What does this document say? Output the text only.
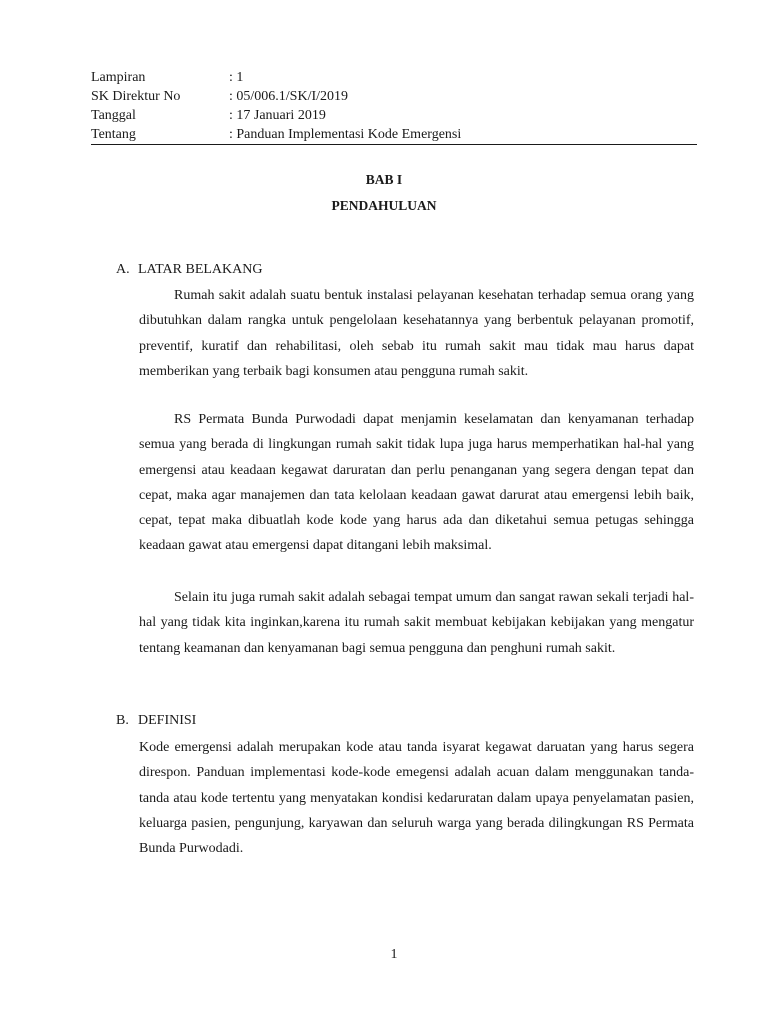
Lampiran	: 1
SK Direktur No	: 05/006.1/SK/I/2019
Tanggal	: 17 Januari 2019
Tentang	: Panduan Implementasi Kode Emergensi
BAB I
PENDAHULUAN
A. LATAR BELAKANG

Rumah sakit adalah suatu bentuk instalasi pelayanan kesehatan terhadap semua orang yang dibutuhkan dalam rangka untuk pengelolaan kesehatannya yang berbentuk pelayanan promotif, preventif, kuratif dan rehabilitasi, oleh sebab itu rumah sakit mau tidak mau harus dapat memberikan yang terbaik bagi konsumen atau pengguna rumah sakit.

RS Permata Bunda Purwodadi dapat menjamin keselamatan dan kenyamanan terhadap semua yang berada di lingkungan rumah sakit tidak lupa juga harus memperhatikan hal-hal yang emergensi atau keadaan kegawat daruratan dan perlu penanganan yang segera dengan tepat dan cepat, maka agar manajemen dan tata kelolaan keadaan gawat darurat atau emergensi lebih baik, cepat, tepat maka dibuatlah kode kode yang harus ada dan diketahui semua petugas sehingga keadaan gawat atau emergensi dapat ditangani lebih maksimal.

Selain itu juga rumah sakit adalah sebagai tempat umum dan sangat rawan sekali terjadi hal-hal yang tidak kita inginkan,karena itu rumah sakit membuat kebijakan kebijakan yang mengatur tentang keamanan dan kenyamanan bagi semua pengguna dan penghuni rumah sakit.

B. DEFINISI

Kode emergensi adalah merupakan kode atau tanda isyarat kegawat daruatan yang harus segera direspon. Panduan implementasi kode-kode emegensi adalah acuan dalam menggunakan tanda-tanda atau kode tertentu yang menyatakan kondisi kedaruratan dalam upaya penyelamatan pasien, keluarga pasien, pengunjung, karyawan dan seluruh warga yang berada dilingkungan RS Permata Bunda Purwodadi.

1
